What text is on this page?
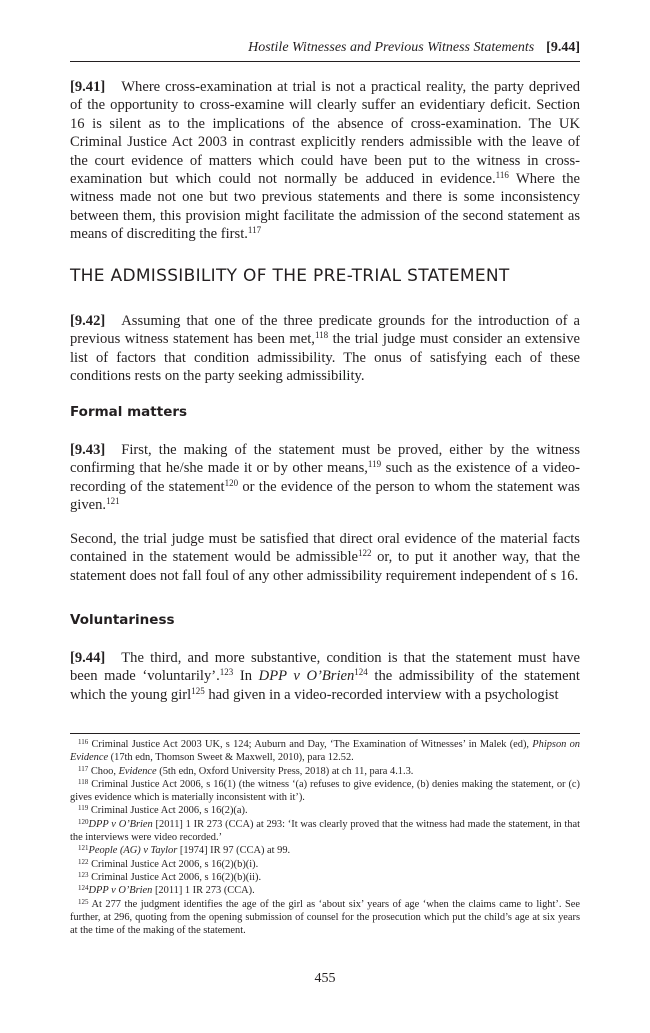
Hostile Witnesses and Previous Witness Statements [9.44]

[9.41] Where cross-examination at trial is not a practical reality, the party deprived of the opportunity to cross-examine will clearly suffer an evidentiary deficit. Section 16 is silent as to the implications of the absence of cross-examination. The UK Criminal Justice Act 2003 in contrast explicitly renders admissible with the leave of the court evidence of matters which could have been put to the witness in cross-examination but which could not normally be adduced in evidence.$^{116}$ Where the witness made not one but two previous statements and there is some inconsistency between them, this provision might facilitate the admission of the second statement as means of discrediting the first.$^{117}$

THE ADMISSIBILITY OF THE PRE-TRIAL STATEMENT

[9.42] Assuming that one of the three predicate grounds for the introduction of a previous witness statement has been met,$^{118}$ the trial judge must consider an extensive list of factors that condition admissibility. The onus of satisfying each of these conditions rests on the party seeking admissibility.

Formal matters

[9.43] First, the making of the statement must be proved, either by the witness confirming that he/she made it or by other means,$^{119}$ such as the existence of a video-recording of the statement$^{120}$ or the evidence of the person to whom the statement was given.$^{121}$

Second, the trial judge must be satisfied that direct oral evidence of the material facts contained in the statement would be admissible$^{122}$ or, to put it another way, that the statement does not fall foul of any other admissibility requirement independent of s 16.

Voluntariness

[9.44] The third, and more substantive, condition is that the statement must have been made ‘voluntarily’.$^{123}$ In DPP v O’Brien$^{124}$ the admissibility of the statement which the young girl$^{125}$ had given in a video-recorded interview with a psychologist

$^{116}$ Criminal Justice Act 2003 UK, s 124; Auburn and Day, ‘The Examination of Witnesses’ in Malek (ed), Phipson on Evidence (17th edn, Thomson Sweet & Maxwell, 2010), para 12.52.

$^{117}$ Choo, Evidence (5th edn, Oxford University Press, 2018) at ch 11, para 4.1.3.

$^{118}$ Criminal Justice Act 2006, s 16(1) (the witness ‘(a) refuses to give evidence, (b) denies making the statement, or (c) gives evidence which is materially inconsistent with it’).

$^{119}$ Criminal Justice Act 2006, s 16(2)(a).

$^{120}$DPP v O’Brien [2011] 1 IR 273 (CCA) at 293: ‘It was clearly proved that the witness had made the statement, in that the interviews were video recorded.’

$^{121}$People (AG) v Taylor [1974] IR 97 (CCA) at 99.

$^{122}$ Criminal Justice Act 2006, s 16(2)(b)(i).

$^{123}$ Criminal Justice Act 2006, s 16(2)(b)(ii).

$^{124}$DPP v O’Brien [2011] 1 IR 273 (CCA).

$^{125}$ At 277 the judgment identifies the age of the girl as ‘about six’ years of age ‘when the claims came to light’. See further, at 296, quoting from the opening submission of counsel for the prosecution which put the child’s age at six years at the time of the making of the statement.

455
